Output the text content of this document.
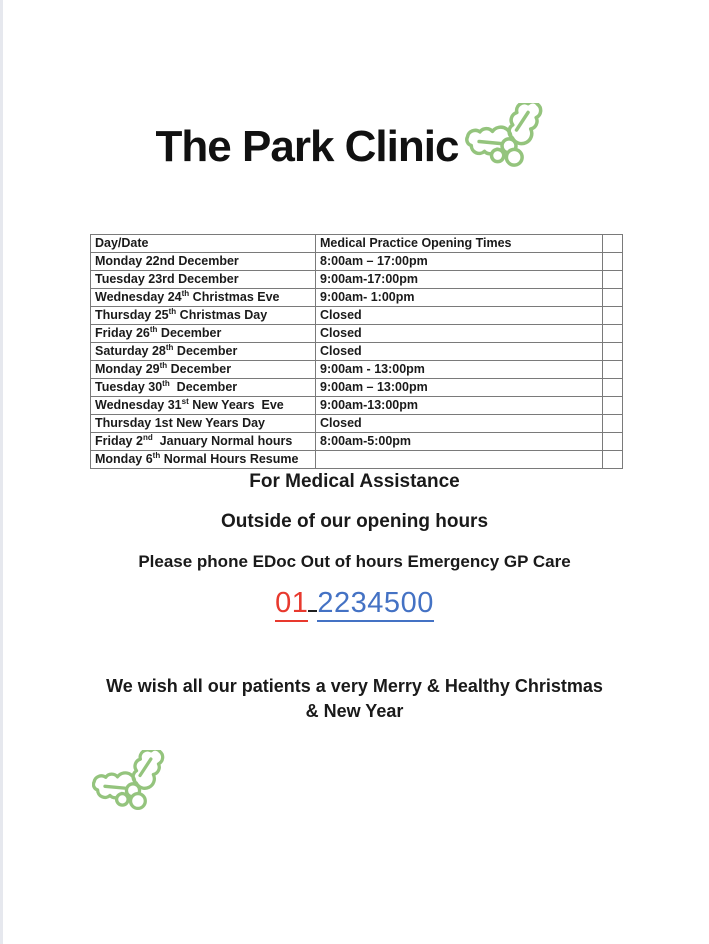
The Park Clinic
Day/Date	Medical Practice Opening Times	
Monday 22nd December	8:00am – 17:00pm	
Tuesday 23rd December	9:00am-17:00pm	
Wednesday 24th Christmas Eve	9:00am- 1:00pm	
Thursday 25th Christmas Day	Closed	
Friday 26th December	Closed	
Saturday 28th December	Closed	
Monday 29th December	9:00am - 13:00pm	
Tuesday 30th  December	9:00am – 13:00pm	
Wednesday 31st New Years  Eve	9:00am-13:00pm	
Thursday 1st New Years Day	Closed	
Friday 2nd  January Normal hours	8:00am-5:00pm	
Monday 6th Normal Hours Resume		

For Medical Assistance

Outside of our opening hours

Please phone EDoc Out of hours Emergency GP Care

01 2234500
We wish all our patients a very Merry & Healthy Christmas
& New Year
